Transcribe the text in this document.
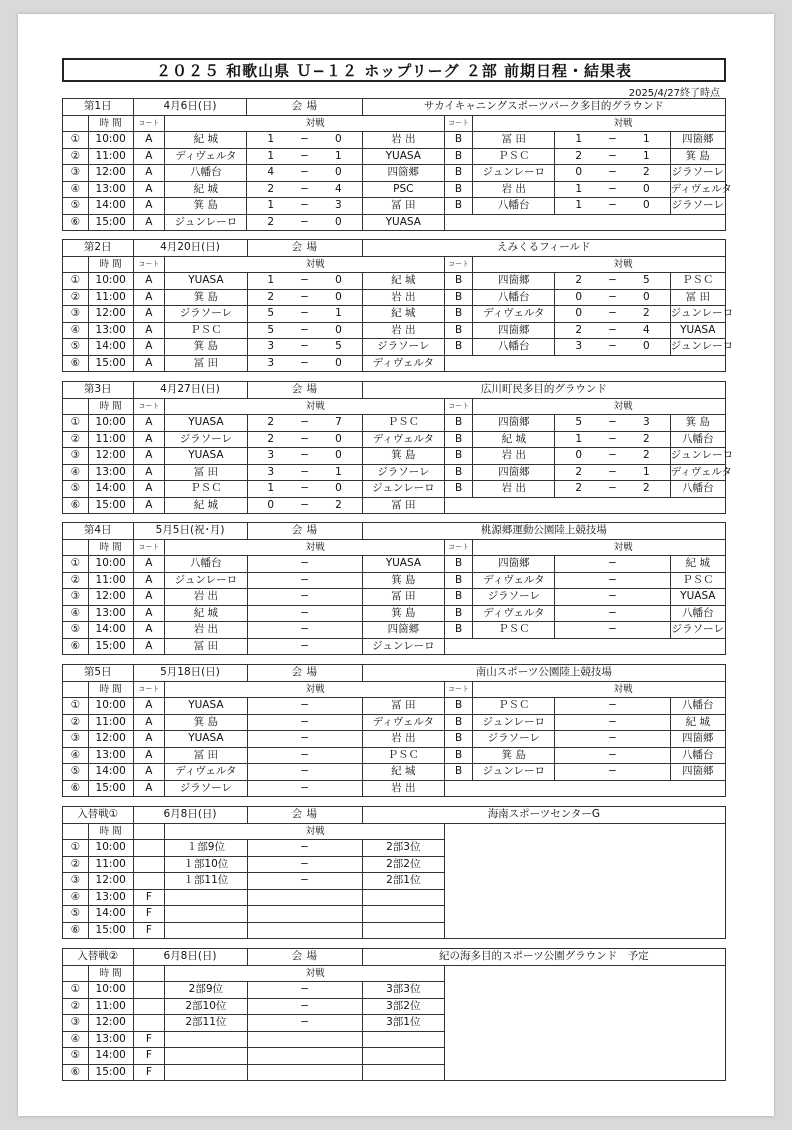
２０２５ 和歌山県 Ｕ−１２ ホップリーグ ２部 前期日程・結果表
2025/4/27終了時点
第1日		4月6日(日)		会 場			サカイキャニングスポーツパーク多目的グラウンド						
	時 間	コート	対			戦		コート	対			戦	
①	10:00	A	紀 城	1	−	0	岩 出	B	冨 田	1	−	1	四箇郷
②	11:00	A	ディヴェルタ	1	−	1	YUASA	B	ＰＳＣ	2	−	1	箕 島
③	12:00	A	八幡台	4	−	0	四箇郷	B	ジュンレーロ	0	−	2	ジラソーレ
④	13:00	A	紀 城	2	−	4	PSC	B	岩 出	1	−	0	ディヴェルタ
⑤	14:00	A	箕 島	1	−	3	冨 田	B	八幡台	1	−	0	ジラソーレ
⑥	15:00	A	ジュンレーロ	2	−	0	YUASA						
第2日		4月20日(日)		会 場			えみくるフィールド						
	時 間	コート	対			戦		コート	対			戦	
①	10:00	A	YUASA	1	−	0	紀 城	B	四箇郷	2	−	5	ＰＳＣ
②	11:00	A	箕 島	2	−	0	岩 出	B	八幡台	0	−	0	冨 田
③	12:00	A	ジラソーレ	5	−	1	紀 城	B	ディヴェルタ	0	−	2	ジュンレーロ
④	13:00	A	ＰＳＣ	5	−	0	岩 出	B	四箇郷	2	−	4	YUASA
⑤	14:00	A	箕 島	3	−	5	ジラソーレ	B	八幡台	3	−	0	ジュンレーロ
⑥	15:00	A	冨 田	3	−	0	ディヴェルタ						
第3日		4月27日(日)		会 場			広川町民多目的グラウンド						
	時 間	コート	対			戦		コート	対			戦	
①	10:00	A	YUASA	2	−	7	ＰＳＣ	B	四箇郷	5	−	3	箕 島
②	11:00	A	ジラソーレ	2	−	0	ディヴェルタ	B	紀 城	1	−	2	八幡台
③	12:00	A	YUASA	3	−	0	箕 島	B	岩 出	0	−	2	ジュンレーロ
④	13:00	A	冨 田	3	−	1	ジラソーレ	B	四箇郷	2	−	1	ディヴェルタ
⑤	14:00	A	ＰＳＣ	1	−	0	ジュンレーロ	B	岩 出	2	−	2	八幡台
⑥	15:00	A	紀 城	0	−	2	冨 田						
第4日		5月5日(祝･月)		会 場		桃源郷運動公園陸上競技場					
	時 間	コート	対		戦		コート	対		戦	
①	10:00	A	八幡台	−		YUASA	B	四箇郷	−		紀 城
②	11:00	A	ジュンレーロ	−		箕 島	B	ディヴェルタ	−		ＰＳＣ
③	12:00	A	岩 出	−		冨 田	B	ジラソーレ	−		YUASA
④	13:00	A	紀 城	−		箕 島	B	ディヴェルタ	−		八幡台
⑤	14:00	A	岩 出	−		四箇郷	B	ＰＳＣ	−		ジラソーレ
⑥	15:00	A	冨 田	−		ジュンレーロ					
第5日		5月18日(日)		会 場		南山スポーツ公園陸上競技場					
	時 間	コート	対		戦		コート	対		戦	
①	10:00	A	YUASA	−		冨 田	B	ＰＳＣ	−		八幡台
②	11:00	A	箕 島	−		ディヴェルタ	B	ジュンレーロ	−		紀 城
③	12:00	A	YUASA	−		岩 出	B	ジラソーレ	−		四箇郷
④	13:00	A	冨 田	−		ＰＳＣ	B	箕 島	−		八幡台
⑤	14:00	A	ディヴェルタ	−		紀 城	B	ジュンレーロ	−		四箇郷
⑥	15:00	A	ジラソーレ	−		岩 出					
入替戦①		6月8日(日)		会 場		海南スポーツセンターG	
	時 間		対		戦		
①	10:00		１部9位	−		2部3位	
②	11:00		１部10位	−		2部2位	
③	12:00		１部11位	−		2部1位	
④	13:00	F					
⑤	14:00	F					
⑥	15:00	F					
入替戦②		6月8日(日)		会 場		紀の海多目的スポーツ公園グラウンド　予定	
	時 間		対		戦		
①	10:00		2部9位	−		3部3位	
②	11:00		2部10位	−		3部2位	
③	12:00		2部11位	−		3部1位	
④	13:00	F					
⑤	14:00	F					
⑥	15:00	F					
